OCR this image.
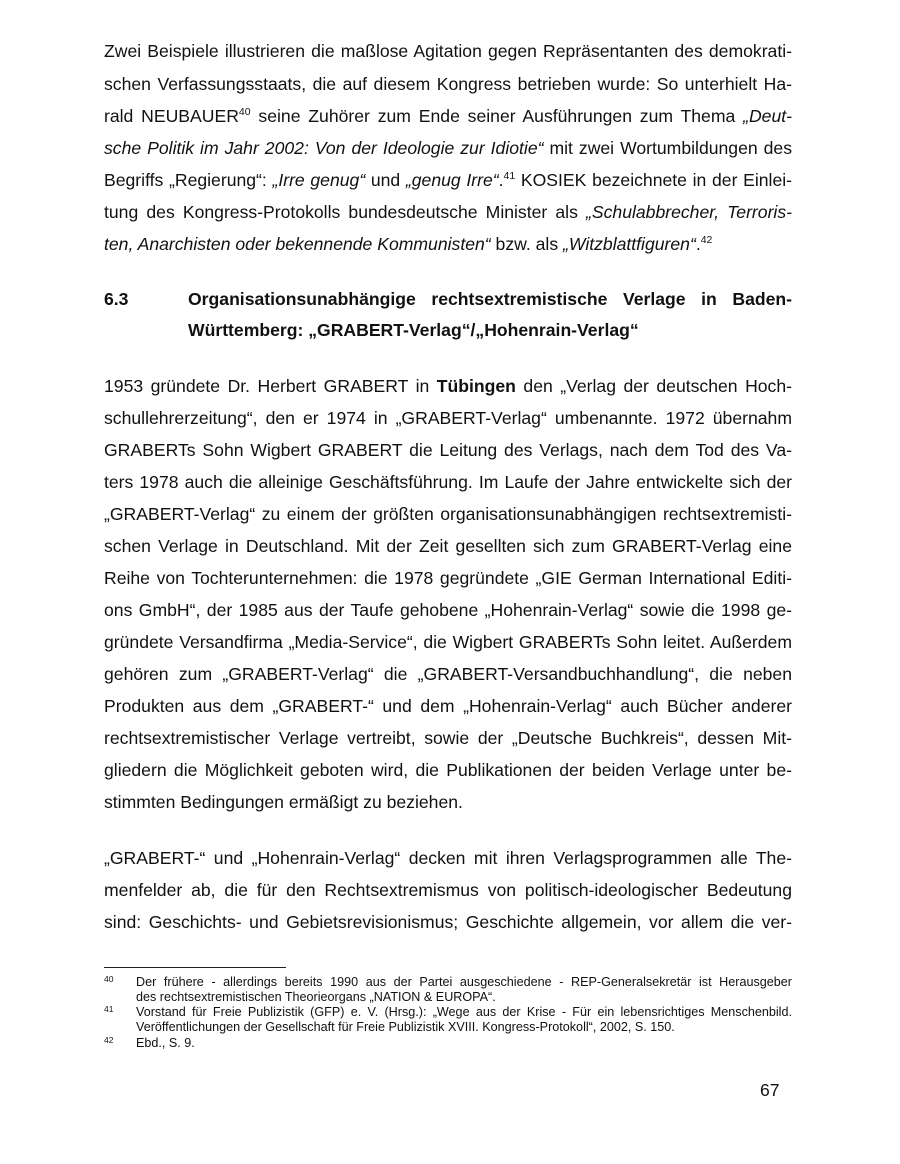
Zwei Beispiele illustrieren die maßlose Agitation gegen Repräsentanten des demokrati-
schen Verfassungsstaats, die auf diesem Kongress betrieben wurde: So unterhielt Ha-
rald NEUBAUER$^{40}$ seine Zuhörer zum Ende seiner Ausführungen zum Thema „Deut-
sche Politik im Jahr 2002: Von der Ideologie zur Idiotie“ mit zwei Wortumbildungen des
Begriffs „Regierung“: „Irre genug“ und „genug Irre“.$^{41}$ KOSIEK bezeichnete in der Einlei-
tung des Kongress-Protokolls bundesdeutsche Minister als „Schulabbrecher, Terroris-
ten, Anarchisten oder bekennende Kommunisten“ bzw. als „Witzblattfiguren“.$^{42}$
6.3	Organisationsunabhängige rechtsextremistische Verlage in Baden-
Württemberg: „GRABERT-Verlag“/„Hohenrain-Verlag“
1953 gründete Dr. Herbert GRABERT in Tübingen den „Verlag der deutschen Hoch-
schullehrerzeitung“, den er 1974 in „GRABERT-Verlag“ umbenannte. 1972 übernahm
GRABERTs Sohn Wigbert GRABERT die Leitung des Verlags, nach dem Tod des Va-
ters 1978 auch die alleinige Geschäftsführung. Im Laufe der Jahre entwickelte sich der
„GRABERT-Verlag“ zu einem der größten organisationsunabhängigen rechtsextremisti-
schen Verlage in Deutschland. Mit der Zeit gesellten sich zum GRABERT-Verlag eine
Reihe von Tochterunternehmen: die 1978 gegründete „GIE German International Editi-
ons GmbH“, der 1985 aus der Taufe gehobene „Hohenrain-Verlag“ sowie die 1998 ge-
gründete Versandfirma „Media-Service“, die Wigbert GRABERTs Sohn leitet. Außerdem
gehören zum „GRABERT-Verlag“ die „GRABERT-Versandbuchhandlung“, die neben
Produkten aus dem „GRABERT-“ und dem „Hohenrain-Verlag“ auch Bücher anderer
rechtsextremistischer Verlage vertreibt, sowie der „Deutsche Buchkreis“, dessen Mit-
gliedern die Möglichkeit geboten wird, die Publikationen der beiden Verlage unter be-
stimmten Bedingungen ermäßigt zu beziehen.
„GRABERT-“ und „Hohenrain-Verlag“ decken mit ihren Verlagsprogrammen alle The-
menfelder ab, die für den Rechtsextremismus von politisch-ideologischer Bedeutung
sind: Geschichts- und Gebietsrevisionismus; Geschichte allgemein, vor allem die ver-
40 Der frühere - allerdings bereits 1990 aus der Partei ausgeschiedene - REP-Generalsekretär ist Herausgeber
des rechtsextremistischen Theorieorgans „NATION & EUROPA“.
41 Vorstand für Freie Publizistik (GFP) e. V. (Hrsg.): „Wege aus der Krise - Für ein lebensrichtiges Menschenbild.
Veröffentlichungen der Gesellschaft für Freie Publizistik XVIII. Kongress-Protokoll“, 2002, S. 150.
42 Ebd., S. 9.
67
